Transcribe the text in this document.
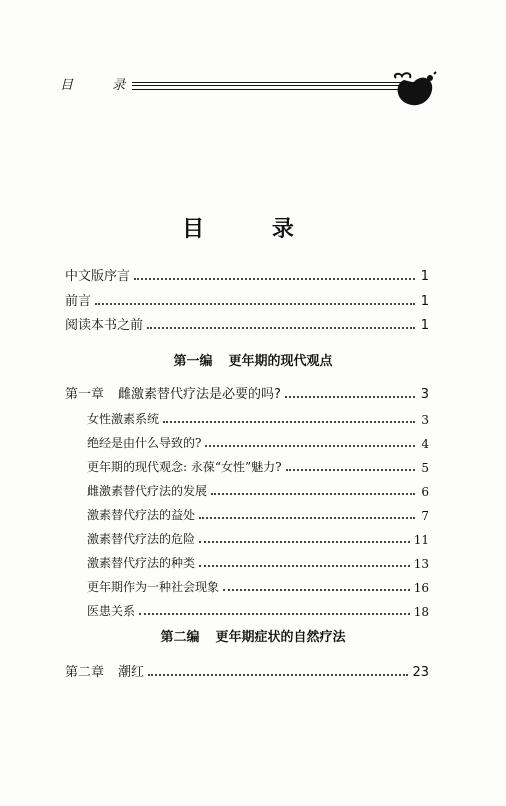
目 录
目 录
中文版序言	1
前言	1
阅读本书之前	1
第一编 更年期的现代观点
第一章 雌激素替代疗法是必要的吗?	3
女性激素系统	3
绝经是由什么导致的?	4
更年期的现代观念: 永葆“女性”魅力?	5
雌激素替代疗法的发展	6
激素替代疗法的益处	7
激素替代疗法的危险	11
激素替代疗法的种类	13
更年期作为一种社会现象	16
医患关系	18
第二编 更年期症状的自然疗法
第二章 潮红	23
